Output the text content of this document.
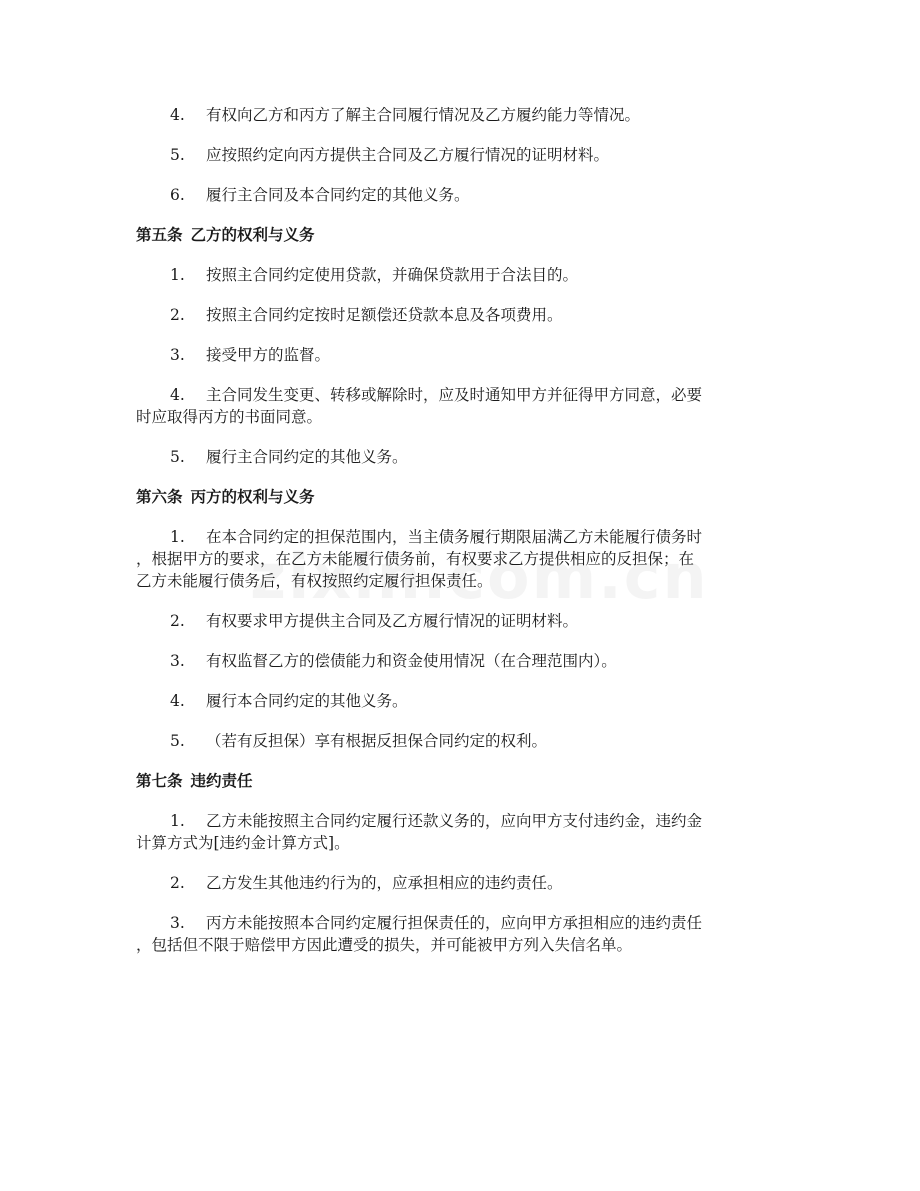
4. 有权向乙方和丙方了解主合同履行情况及乙方履约能力等情况。

5. 应按照约定向丙方提供主合同及乙方履行情况的证明材料。

6. 履行主合同及本合同约定的其他义务。

第五条 乙方的权利与义务

1. 按照主合同约定使用贷款，并确保贷款用于合法目的。

2. 按照主合同约定按时足额偿还贷款本息及各项费用。

3. 接受甲方的监督。

4. 主合同发生变更、转移或解除时，应及时通知甲方并征得甲方同意，必要
时应取得丙方的书面同意。

5. 履行主合同约定的其他义务。

第六条 丙方的权利与义务

1. 在本合同约定的担保范围内，当主债务履行期限届满乙方未能履行债务时
，根据甲方的要求，在乙方未能履行债务前，有权要求乙方提供相应的反担保；在
乙方未能履行债务后，有权按照约定履行担保责任。

2. 有权要求甲方提供主合同及乙方履行情况的证明材料。

3. 有权监督乙方的偿债能力和资金使用情况（在合理范围内）。

4. 履行本合同约定的其他义务。

5. （若有反担保）享有根据反担保合同约定的权利。

第七条 违约责任

1. 乙方未能按照主合同约定履行还款义务的，应向甲方支付违约金，违约金
计算方式为[违约金计算方式]。

2. 乙方发生其他违约行为的，应承担相应的违约责任。

3. 丙方未能按照本合同约定履行担保责任的，应向甲方承担相应的违约责任
，包括但不限于赔偿甲方因此遭受的损失，并可能被甲方列入失信名单。
